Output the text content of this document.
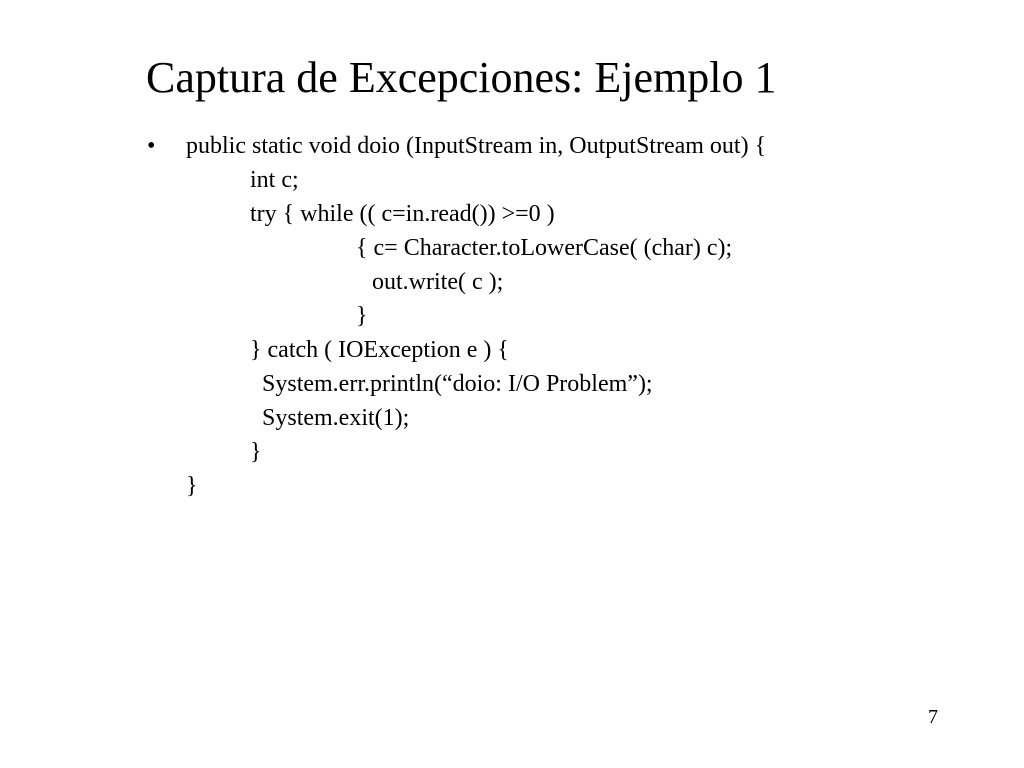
Captura de Excepciones: Ejemplo 1
• public static void doio (InputStream in, OutputStream out) {
int c;
try { while (( c=in.read()) >=0 )
{ c= Character.toLowerCase( (char) c);
out.write( c );
}
} catch ( IOException e ) {
System.err.println(“doio: I/O Problem”);
System.exit(1);
}
}
7
